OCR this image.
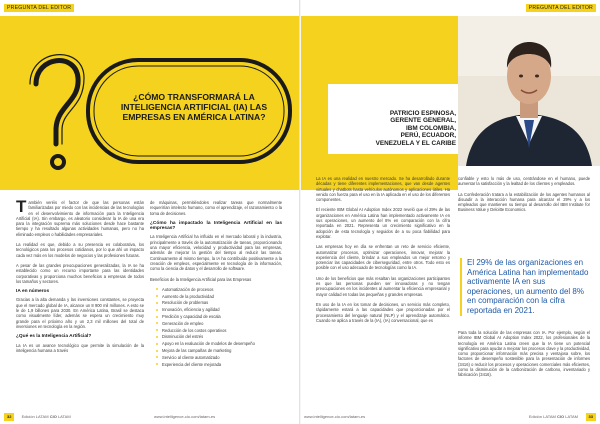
PREGUNTA DEL EDITOR
¿CÓMO TRANSFORMARÁ LA INTELIGENCIA ARTIFICIAL (IA) LAS EMPRESAS EN AMÉRICA LATINA?

También veréis el factor de que las personas están familiarizadas por miedo con las incidencias de las tecnologías en el desenvolvimiento de información para la Inteligencia Artificial (IA). Sin embargo, es aleatorio considerar la IA de una era para la integración suprema más soluciones desde hace bastante tiempo y ha resultado algunas actividades humanas, pero no ha eliminado empleos o habilidades empresariales.

La realidad es que, debido a su presencia es colaborativa, los tecnológicos para los procesos cotidianos, por lo que ahí un impacto cada vez más en los modelos de negocios y las profesiones futuras.

A pesar de las grandes preocupaciones generalizadas, la IA se ha establecido como un recurso importante para las identidades corporativas y proporciona muchos beneficios a empresas de todos los tamaños y sectores.

IA en números

Gracias a la alta demanda y las inversiones constantes, se proyecta que el mercado global de IA, alcance un 8 900 mil millones. A esto se le de 1,9 billones para 2030. En América Latina, Brasil se destaca como visualmente líder, además se espera un crecimiento muy grande para el próximo año y un 2,3 mil millones del total de inversiones en tecnología en la región.

¿Qué es la Inteligencia Artificial?

La IA es un avance tecnológico que permite la simulación de la inteligencia humana a través

de máquinas, permitiéndoles realizar tareas que normalmente requerirían intelecto humano, como el aprendizaje, el razonamiento o la toma de decisiones.

¿Cómo ha impactado la Inteligencia Artificial en las empresas?

La Inteligencia Artificial ha influido en el mercado laboral y la industria, principalmente a través de la automatización de tareas, proporcionando una mayor eficiencia, velocidad y productividad para las empresas, además de mejorar la gestión del tiempo al reducir las tareas. Continuamente al mismo tiempo, la IA ha contribuido positivamente a la creación de empleos, especialmente en tecnología de la información, como la ciencia de datos y el desarrollo de software.

Beneficios de la Inteligencia Artificial para las Empresas

Automatización de procesos
Aumento de la productividad
Resolución de problemas
Innovación, eficiencia y agilidad
Predición y capacidad de escala
Generación de empleo
Reducción de los costos operativos
Disminución del estrés
Apoyo en la evaluación de modelos de desempeño
Mejora de las campañas de marketing
Servicio al cliente automatizado
Experiencia del cliente mejorada
32	Edición LATAM CIO LATAM	www.intelligence-cio.com/latam-es
PREGUNTA DEL EDITOR
PATRICIO ESPINOSA,
GERENTE GENERAL,
IBM COLOMBIA,
PERÚ, ECUADOR,
VENEZUELA Y EL CARIBE

La IA es una realidad en nuestro mercado. Se ha desarrollado durante décadas y tiene diferentes implementaciones, que van desde agentes virtuales y chatbots hasta vehículos autónomos y aplicaciones útiles. Ha venido con fuerza para el uso en la IA aplicada en el uso de los diferentes componentes.

El reciente IBM Global AI Adoption Index 2022 reveló que el 29% de las organizaciones en América Latina han implementado activamente IA en sus operaciones, un aumento del 8% en comparación con la cifra reportada en 2021. Representa un crecimiento significativo en la adopción de esta tecnología y seguidos de a su poca fiabilidad para explotar.

Las empresas hoy en día se enfrentan un reto de servicio eficiente, automatizar procesos, optimizar operaciones, innovar, mejorar la experiencia del cliente, brindar a sus empleados un mejor entorno y potenciar las capacidades de ciberseguridad, entre otros. Todo esto es posible con el uso adecuado de tecnologías como la IA.

Uno de los beneficios que más resaltan las organizaciones participantes es que las personas pueden ser innovadoras y no tengan preocupaciones en los incidentes al aumentar la eficiencia empresarial y mayor calidad en todas las pequeñas y grandes empresas.

En uso de la IA en los tomar de decisiones, un servicio más completo, rápidamente estará a las capacidades que proporcionadas por el procesamiento del lenguaje natural (NLP) y el aprendizaje automático. Cuando se aplica a través de la (IA), (IA) conversacional, que es

confiable y esto lo más de uso, centrándose en el humano, puede aumentar la satisfacción y la lealtad de los clientes y empleados.

La Confederación tratara a la estabilización de los agentes humanos al disuadir a la interacción humana para alcanzar el 29% y a los empleados que mantienen su tiempo al desarrollo del IBM Institute for Business Value y Deloitte Economics.

El 29% de las organizaciones en América Latina han implementado activamente IA en sus operaciones, un aumento del 8% en comparación con la cifra reportada en 2021.

Para toda la solución de las empresas con IA. Por ejemplo, según el informe IBM Global AI Adoption Index 2022, los profesionales de la tecnología en América Latina creen que la IA tiene un potencial significativo para ayudar a mejorar los procesos clave y la productividad, como proporcionar información más precisa y ventajosa sobre, los factores de desempeño sostenible para la presentación de informes (3416) o reducir los procesos y operaciones comerciales más eficientes, como la disminución de la carbonización de carbono, inventariado y fabricación (3416).

www.intelligence-cio.com/latam-es	Edición LATAM CIO LATAM	33
